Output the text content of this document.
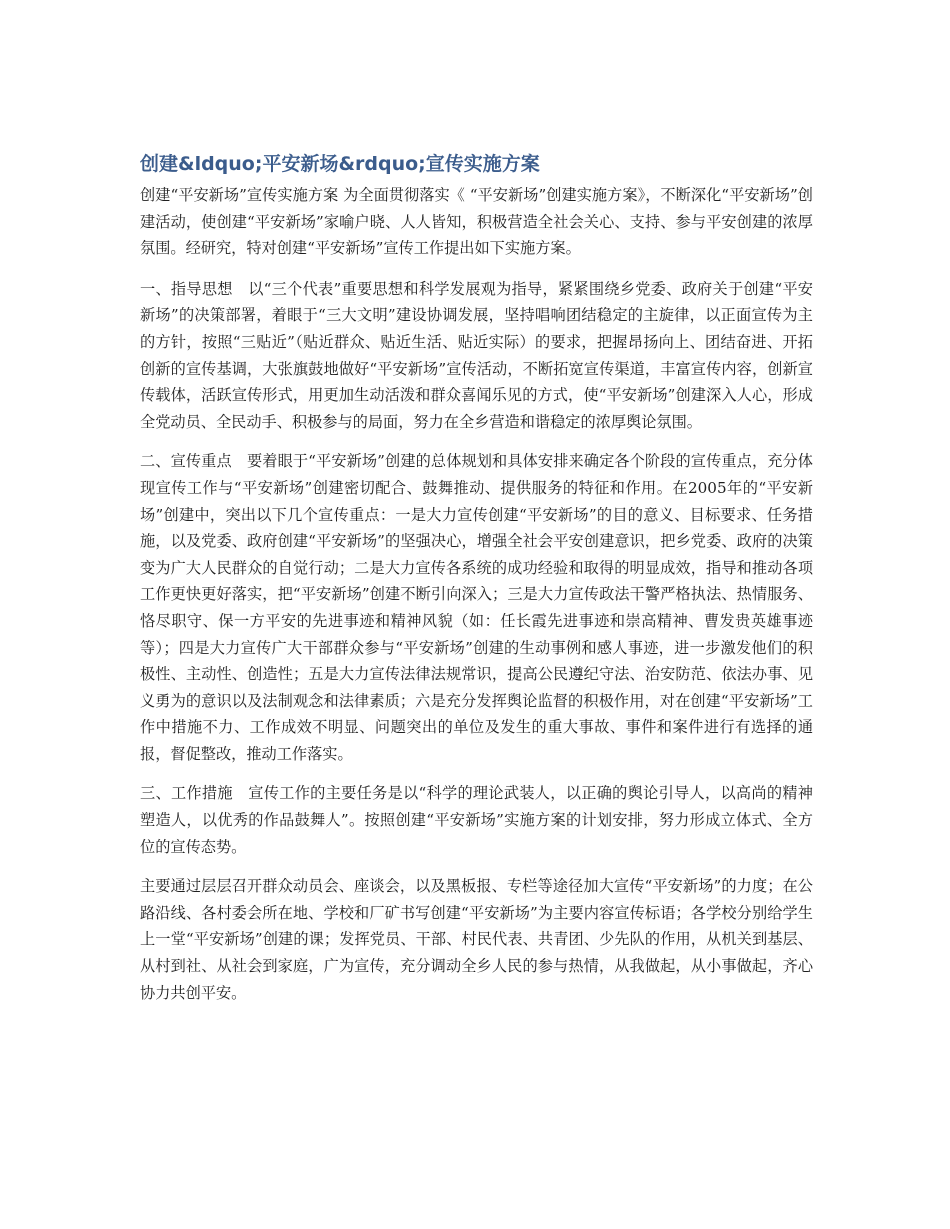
创建&ldquo;平安新场&rdquo;宣传实施方案

创建“平安新场”宣传实施方案 为全面贯彻落实《 “平安新场”创建实施方案》，不断深化“平安新场”创建活动，使创建“平安新场”家喻户晓、人人皆知，积极营造全社会关心、支持、参与平安创建的浓厚氛围。经研究，特对创建“平安新场”宣传工作提出如下实施方案。

一、指导思想　以“三个代表”重要思想和科学发展观为指导，紧紧围绕乡党委、政府关于创建“平安新场”的决策部署，着眼于“三大文明”建设协调发展，坚持唱响团结稳定的主旋律，以正面宣传为主的方针，按照“三贴近”（贴近群众、贴近生活、贴近实际）的要求，把握昂扬向上、团结奋进、开拓创新的宣传基调，大张旗鼓地做好“平安新场”宣传活动，不断拓宽宣传渠道，丰富宣传内容，创新宣传载体，活跃宣传形式，用更加生动活泼和群众喜闻乐见的方式，使“平安新场”创建深入人心，形成全党动员、全民动手、积极参与的局面，努力在全乡营造和谐稳定的浓厚舆论氛围。

二、宣传重点　要着眼于“平安新场”创建的总体规划和具体安排来确定各个阶段的宣传重点，充分体现宣传工作与“平安新场”创建密切配合、鼓舞推动、提供服务的特征和作用。在2005年的“平安新场”创建中，突出以下几个宣传重点：一是大力宣传创建“平安新场”的目的意义、目标要求、任务措施，以及党委、政府创建“平安新场”的坚强决心，增强全社会平安创建意识，把乡党委、政府的决策变为广大人民群众的自觉行动；二是大力宣传各系统的成功经验和取得的明显成效，指导和推动各项工作更快更好落实，把“平安新场”创建不断引向深入；三是大力宣传政法干警严格执法、热情服务、恪尽职守、保一方平安的先进事迹和精神风貌（如：任长霞先进事迹和崇高精神、曹发贵英雄事迹等）；四是大力宣传广大干部群众参与“平安新场”创建的生动事例和感人事迹，进一步激发他们的积极性、主动性、创造性；五是大力宣传法律法规常识，提高公民遵纪守法、治安防范、依法办事、见义勇为的意识以及法制观念和法律素质；六是充分发挥舆论监督的积极作用，对在创建“平安新场”工作中措施不力、工作成效不明显、问题突出的单位及发生的重大事故、事件和案件进行有选择的通报，督促整改，推动工作落实。

三、工作措施　宣传工作的主要任务是以“科学的理论武装人，以正确的舆论引导人，以高尚的精神塑造人，以优秀的作品鼓舞人”。按照创建“平安新场”实施方案的计划安排，努力形成立体式、全方位的宣传态势。

主要通过层层召开群众动员会、座谈会，以及黑板报、专栏等途径加大宣传“平安新场”的力度；在公路沿线、各村委会所在地、学校和厂矿书写创建“平安新场”为主要内容宣传标语；各学校分别给学生上一堂“平安新场”创建的课；发挥党员、干部、村民代表、共青团、少先队的作用，从机关到基层、从村到社、从社会到家庭，广为宣传，充分调动全乡人民的参与热情，从我做起，从小事做起，齐心协力共创平安。
